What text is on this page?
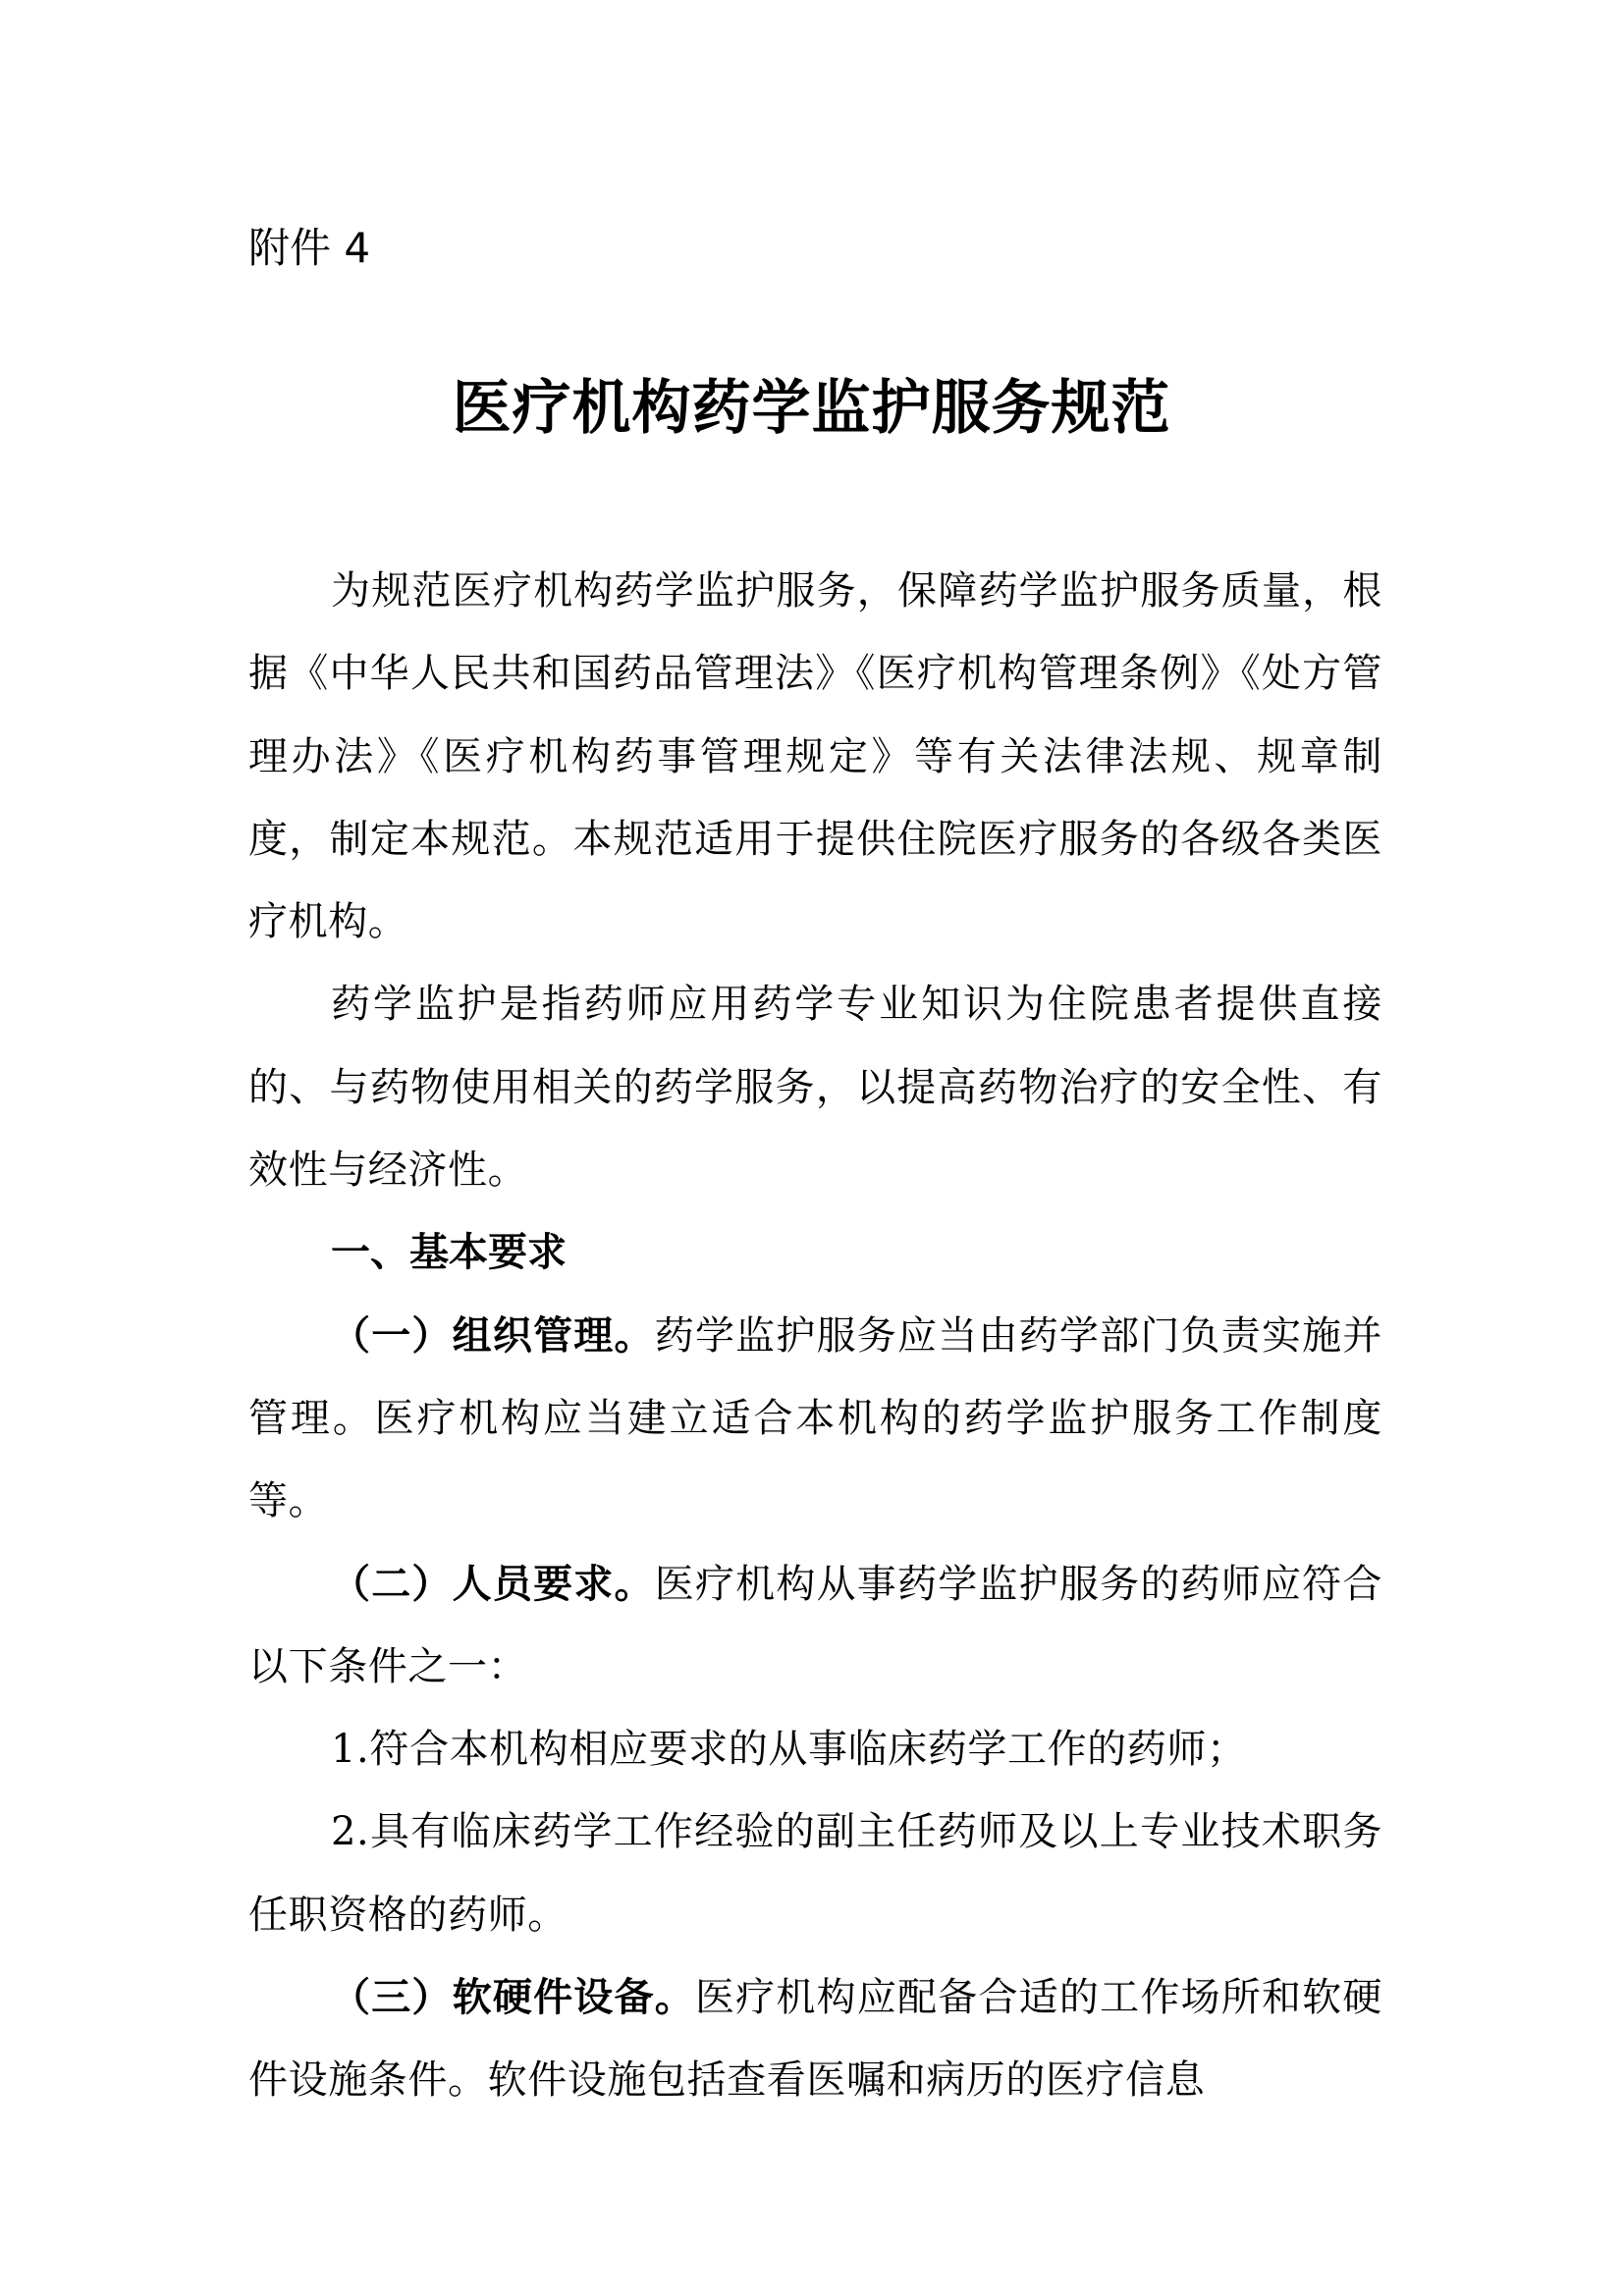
附件 4

医疗机构药学监护服务规范

为规范医疗机构药学监护服务，保障药学监护服务质量，根据《中华人民共和国药品管理法》《医疗机构管理条例》《处方管理办法》《医疗机构药事管理规定》等有关法律法规、规章制度，制定本规范。本规范适用于提供住院医疗服务的各级各类医疗机构。

药学监护是指药师应用药学专业知识为住院患者提供直接的、与药物使用相关的药学服务，以提高药物治疗的安全性、有效性与经济性。

一、基本要求

（一）组织管理。药学监护服务应当由药学部门负责实施并管理。医疗机构应当建立适合本机构的药学监护服务工作制度等。

（二）人员要求。医疗机构从事药学监护服务的药师应符合以下条件之一：

1.符合本机构相应要求的从事临床药学工作的药师；

2.具有临床药学工作经验的副主任药师及以上专业技术职务任职资格的药师。

（三）软硬件设备。医疗机构应配备合适的工作场所和软硬件设施条件。软件设施包括查看医嘱和病历的医疗信息
